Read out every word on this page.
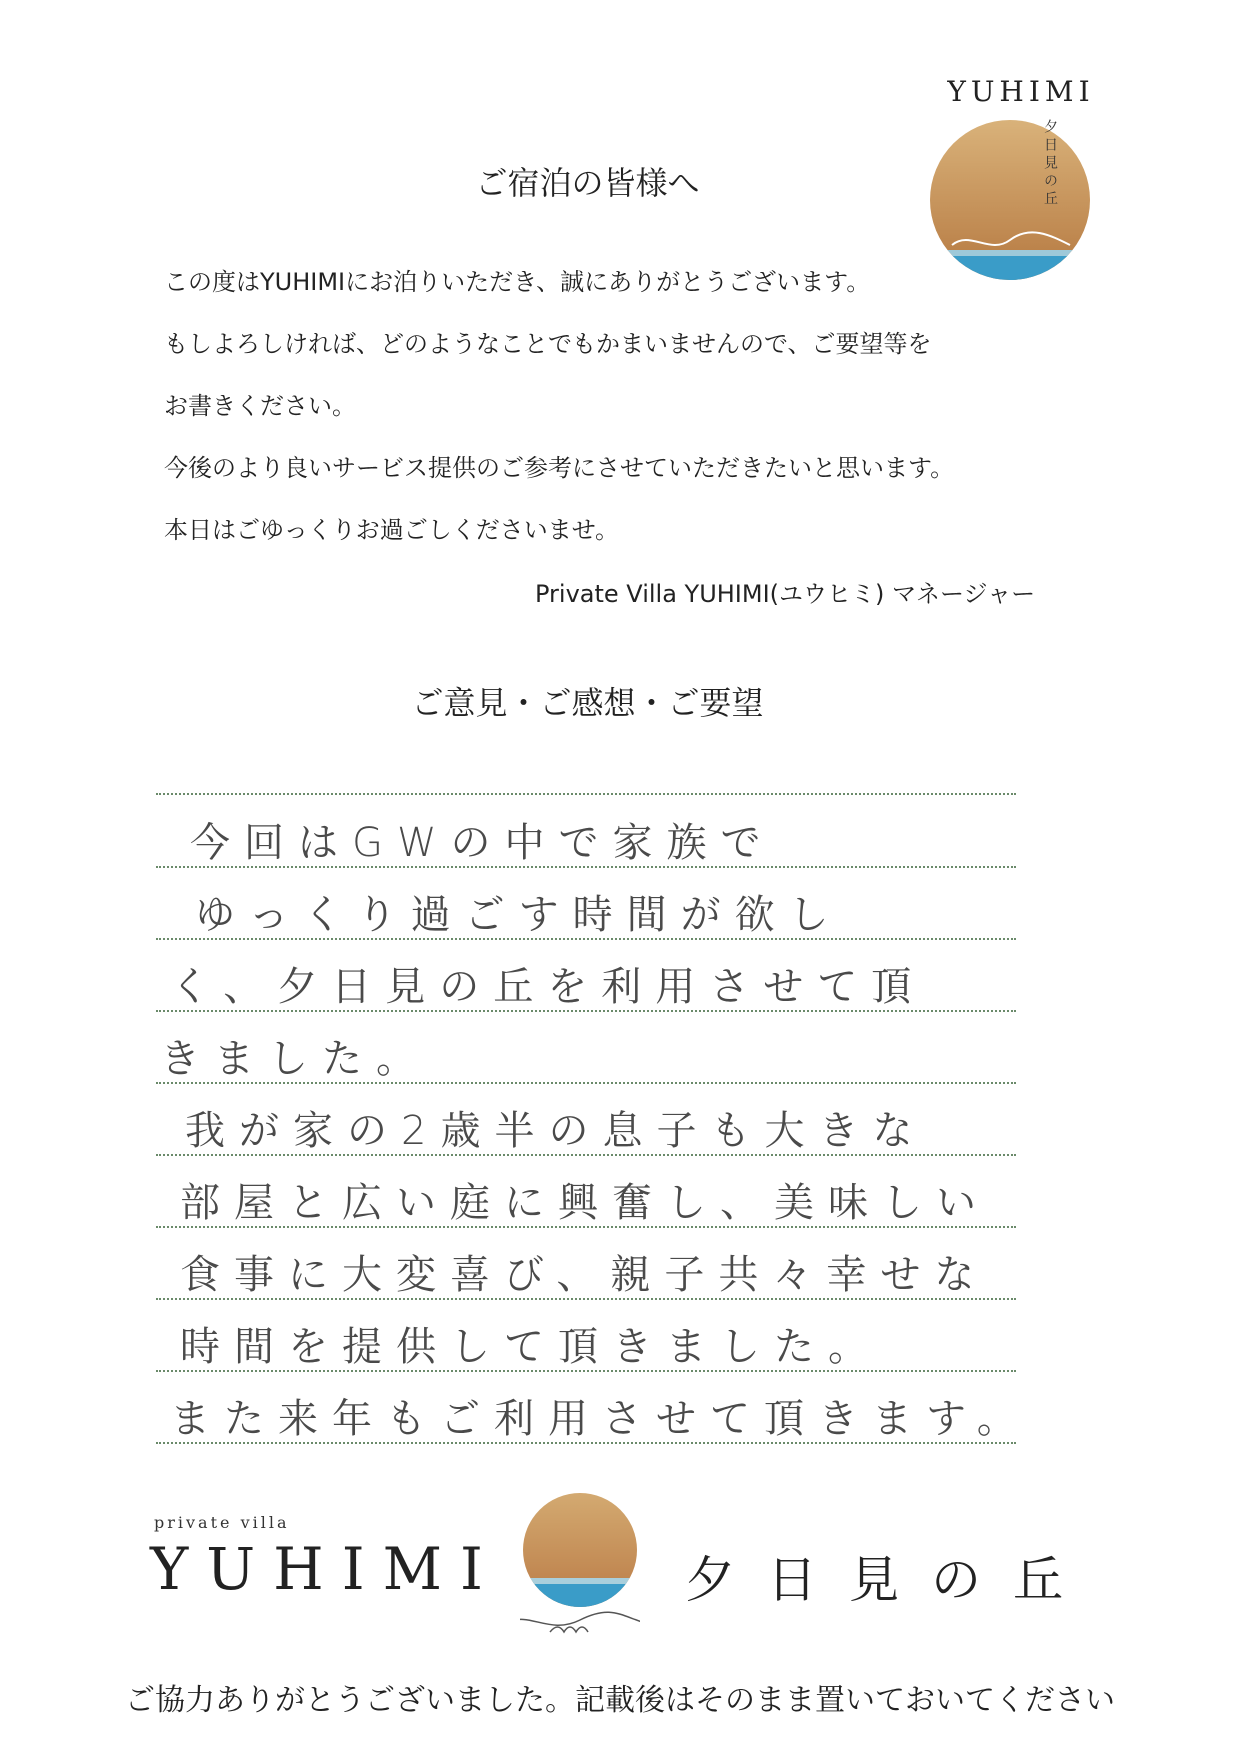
YUHIMI
夕日見の丘
ご宿泊の皆様へ
この度はYUHIMIにお泊りいただき、誠にありがとうございます。
もしよろしければ、どのようなことでもかまいませんので、ご要望等を
お書きください。
今後のより良いサービス提供のご参考にさせていただきたいと思います。
本日はごゆっくりお過ごしくださいませ。
Private Villa YUHIMI(ユウヒミ) マネージャー
ご意見・ご感想・ご要望
今回はGWの中で家族で
ゆっくり過ごす時間が欲し
く、夕日見の丘を利用させて頂
きました。
我が家の2歳半の息子も大きな
部屋と広い庭に興奮し、美味しい
食事に大変喜び、親子共々幸せな
時間を提供して頂きました。
また来年もご利用させて頂きます。
private villa
YUHIMI	夕日見の丘
ご協力ありがとうございました。記載後はそのまま置いておいてください
